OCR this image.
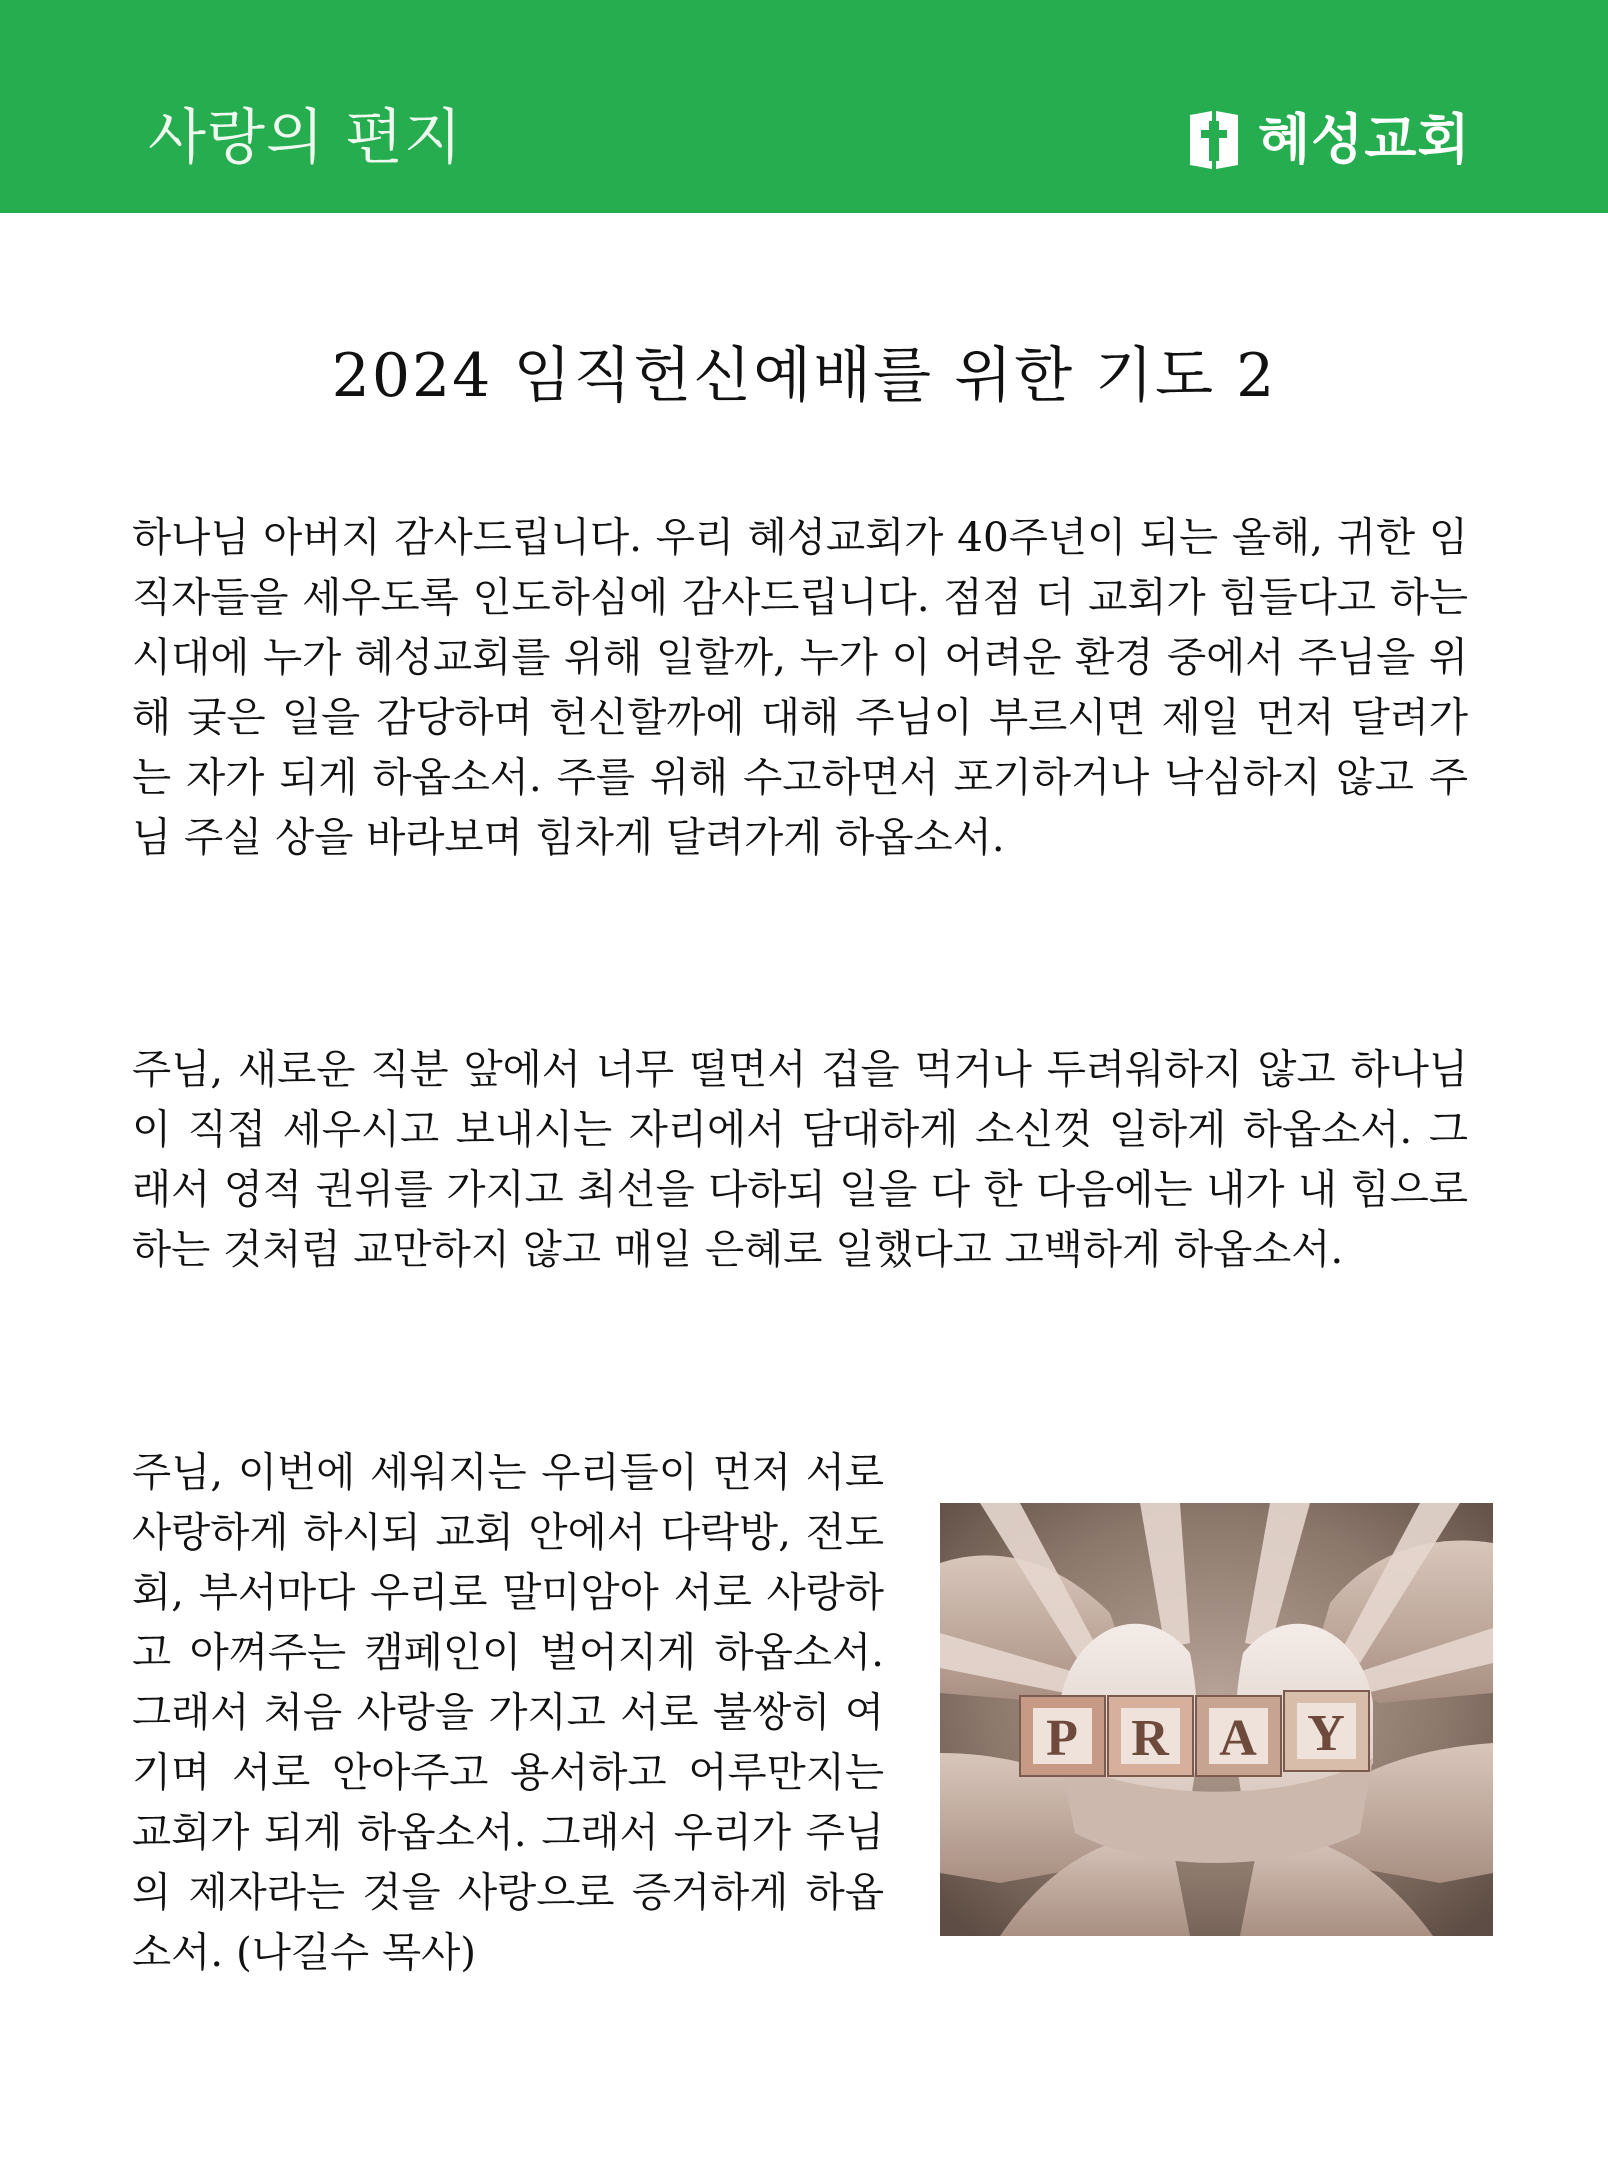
사랑의 편지	혜성교회
2024 임직헌신예배를 위한 기도 2

하나님 아버지 감사드립니다. 우리 혜성교회가 40주년이 되는 올해, 귀한 임직자들을 세우도록 인도하심에 감사드립니다. 점점 더 교회가 힘들다고 하는 시대에 누가 혜성교회를 위해 일할까, 누가 이 어려운 환경 중에서 주님을 위해 궂은 일을 감당하며 헌신할까에 대해 주님이 부르시면 제일 먼저 달려가는 자가 되게 하옵소서. 주를 위해 수고하면서 포기하거나 낙심하지 않고 주님 주실 상을 바라보며 힘차게 달려가게 하옵소서.

주님, 새로운 직분 앞에서 너무 떨면서 겁을 먹거나 두려워하지 않고 하나님이 직접 세우시고 보내시는 자리에서 담대하게 소신껏 일하게 하옵소서. 그래서 영적 권위를 가지고 최선을 다하되 일을 다 한 다음에는 내가 내 힘으로 하는 것처럼 교만하지 않고 매일 은혜로 일했다고 고백하게 하옵소서.

주님, 이번에 세워지는 우리들이 먼저 서로 사랑하게 하시되 교회 안에서 다락방, 전도회, 부서마다 우리로 말미암아 서로 사랑하고 아껴주는 캠페인이 벌어지게 하옵소서. 그래서 처음 사랑을 가지고 서로 불쌍히 여기며 서로 안아주고 용서하고 어루만지는 교회가 되게 하옵소서. 그래서 우리가 주님의 제자라는 것을 사랑으로 증거하게 하옵소서. (나길수 목사)

P R A Y
